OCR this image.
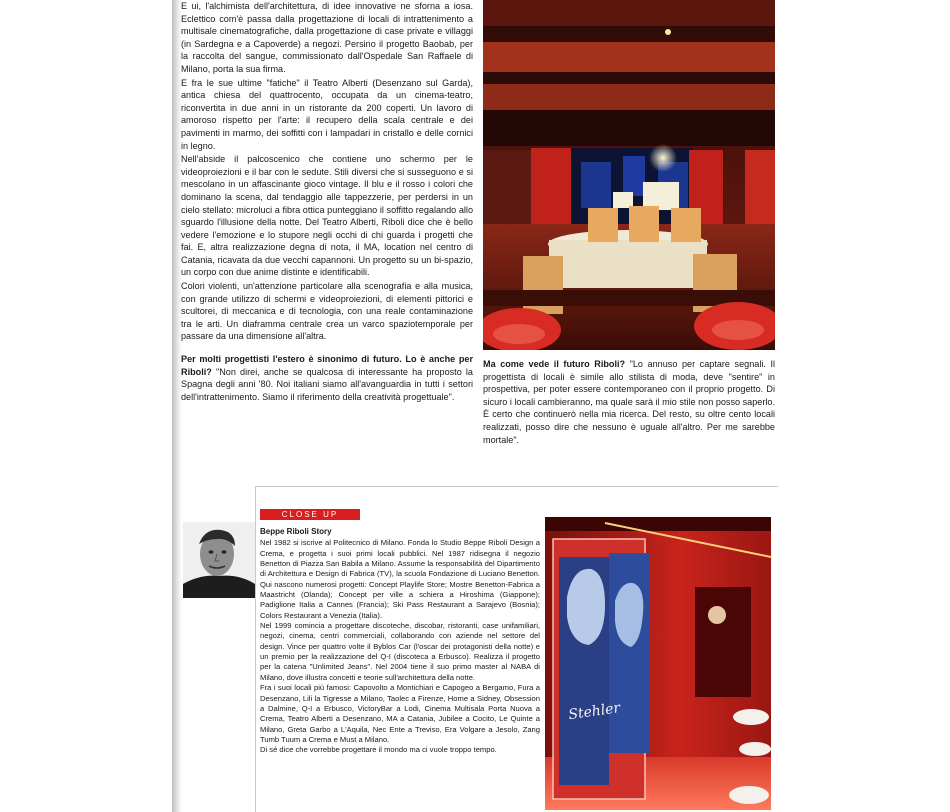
E ui, l'alchimista dell'architettura, di idee innovative ne sforna a iosa. Eclettico com'è passa dalla progettazione di locali di intrattenimento a multisale cinematografiche, dalla progettazione di case private e villaggi (in Sardegna e a Capoverde) a negozi. Persino il progetto Baobab, per la raccolta del sangue, commissionato dall'Ospedale San Raffaele di Milano, porta la sua firma.

E fra le sue ultime "fatiche" il Teatro Alberti (Desenzano sul Garda), antica chiesa del quattrocento, occupata da un cinema-teatro, riconvertita in due anni in un ristorante da 200 coperti. Un lavoro di amoroso rispetto per l'arte: il recupero della scala centrale e dei pavimenti in marmo, dei soffitti con i lampadari in cristallo e delle cornici in legno.

Nell'abside il palcoscenico che contiene uno schermo per le videoproiezioni e il bar con le sedute. Stili diversi che si susseguono e si mescolano in un affascinante gioco vintage. Il blu e il rosso i colori che dominano la scena, dal tendaggio alle tappezzerie, per perdersi in un cielo stellato: microluci a fibra ottica punteggiano il soffitto regalando allo sguardo l'illusione della notte. Del Teatro Alberti, Riboli dice che è bello vedere l'emozione e lo stupore negli occhi di chi guarda i progetti che fai. E, altra realizzazione degna di nota, il MA, location nel centro di Catania, ricavata da due vecchi capannoni. Un progetto su un bi-spazio, un corpo con due anime distinte e identificabili.

Colori violenti, un'attenzione particolare alla scenografia e alla musica, con grande utilizzo di schermi e videoproiezioni, di elementi pittorici e scultorei, di meccanica e di tecnologia, con una reale contaminazione tra le arti. Un diaframma centrale crea un varco spaziotemporale per passare da una dimensione all'altra.

Per molti progettisti l'estero è sinonimo di futuro. Lo è anche per Riboli? "Non direi, anche se qualcosa di interessante ha proposto la Spagna degli anni '80. Noi italiani siamo all'avanguardia in tutti i settori dell'intrattenimento. Siamo il riferimento della creatività progettuale".

Ma come vede il futuro Riboli? "Lo annuso per captare segnali. Il progettista di locali è simile allo stilista di moda, deve "sentire" in prospettiva, per poter essere contemporaneo con il proprio progetto. Di sicuro i locali cambieranno, ma quale sarà il mio stile non posso saperlo. È certo che continuerò nella mia ricerca. Del resto, su oltre cento locali realizzati, posso dire che nessuno è uguale all'altro. Per me sarebbe mortale".
CLOSE UP
Beppe Riboli Story

Nel 1982 si iscrive al Politecnico di Milano. Fonda lo Studio Beppe Riboli Design a Crema, e progetta i suoi primi locali pubblici. Nel 1987 ridisegna il negozio Benetton di Piazza San Babila a Milano. Assume la responsabilità del Dipartimento di Architettura e Design di Fabrica (TV), la scuola Fondazione di Luciano Benetton. Qui nascono numerosi progetti: Concept Playlife Store; Mostre Benetton-Fabrica a Maastricht (Olanda); Concept per ville a schiera a Hiroshima (Giappone); Padiglione Italia a Cannes (Francia); Ski Pass Restaurant a Sarajevo (Bosnia); Colors Restaurant a Venezia (Italia).

Nel 1999 comincia a progettare discoteche, discobar, ristoranti, case unifamiliari, negozi, cinema, centri commerciali, collaborando con aziende nel settore del design. Vince per quattro volte il Byblos Car (l'oscar dei protagonisti della notte) e un premio per la realizzazione del Q-I (discoteca a Erbusco). Realizza il progetto per la catena "Unlimited Jeans". Nel 2004 tiene il suo primo master al NABA di Milano, dove illustra concetti e teorie sull'architettura della notte.

Fra i suoi locali più famosi: Capovolto a Montichiari e Capogeo a Bergamo, Fura a Desenzano, Lili la Tigresse a Milano, Taolec a Firenze, Home a Sidney, Obsession a Dalmine, Q-I a Erbusco, VictoryBar a Lodi, Cinema Multisala Porta Nuova a Crema, Teatro Alberti a Desenzano, MA a Catania, Jubilee a Cocito, Le Quinte a Milano, Greta Garbo a L'Aquila, Nec Ente a Treviso, Era Volgare a Jesolo, Zang Tumb Tuum a Crema e Must a Milano.

Di sé dice che vorrebbe progettare il mondo ma ci vuole troppo tempo.

Stehler
